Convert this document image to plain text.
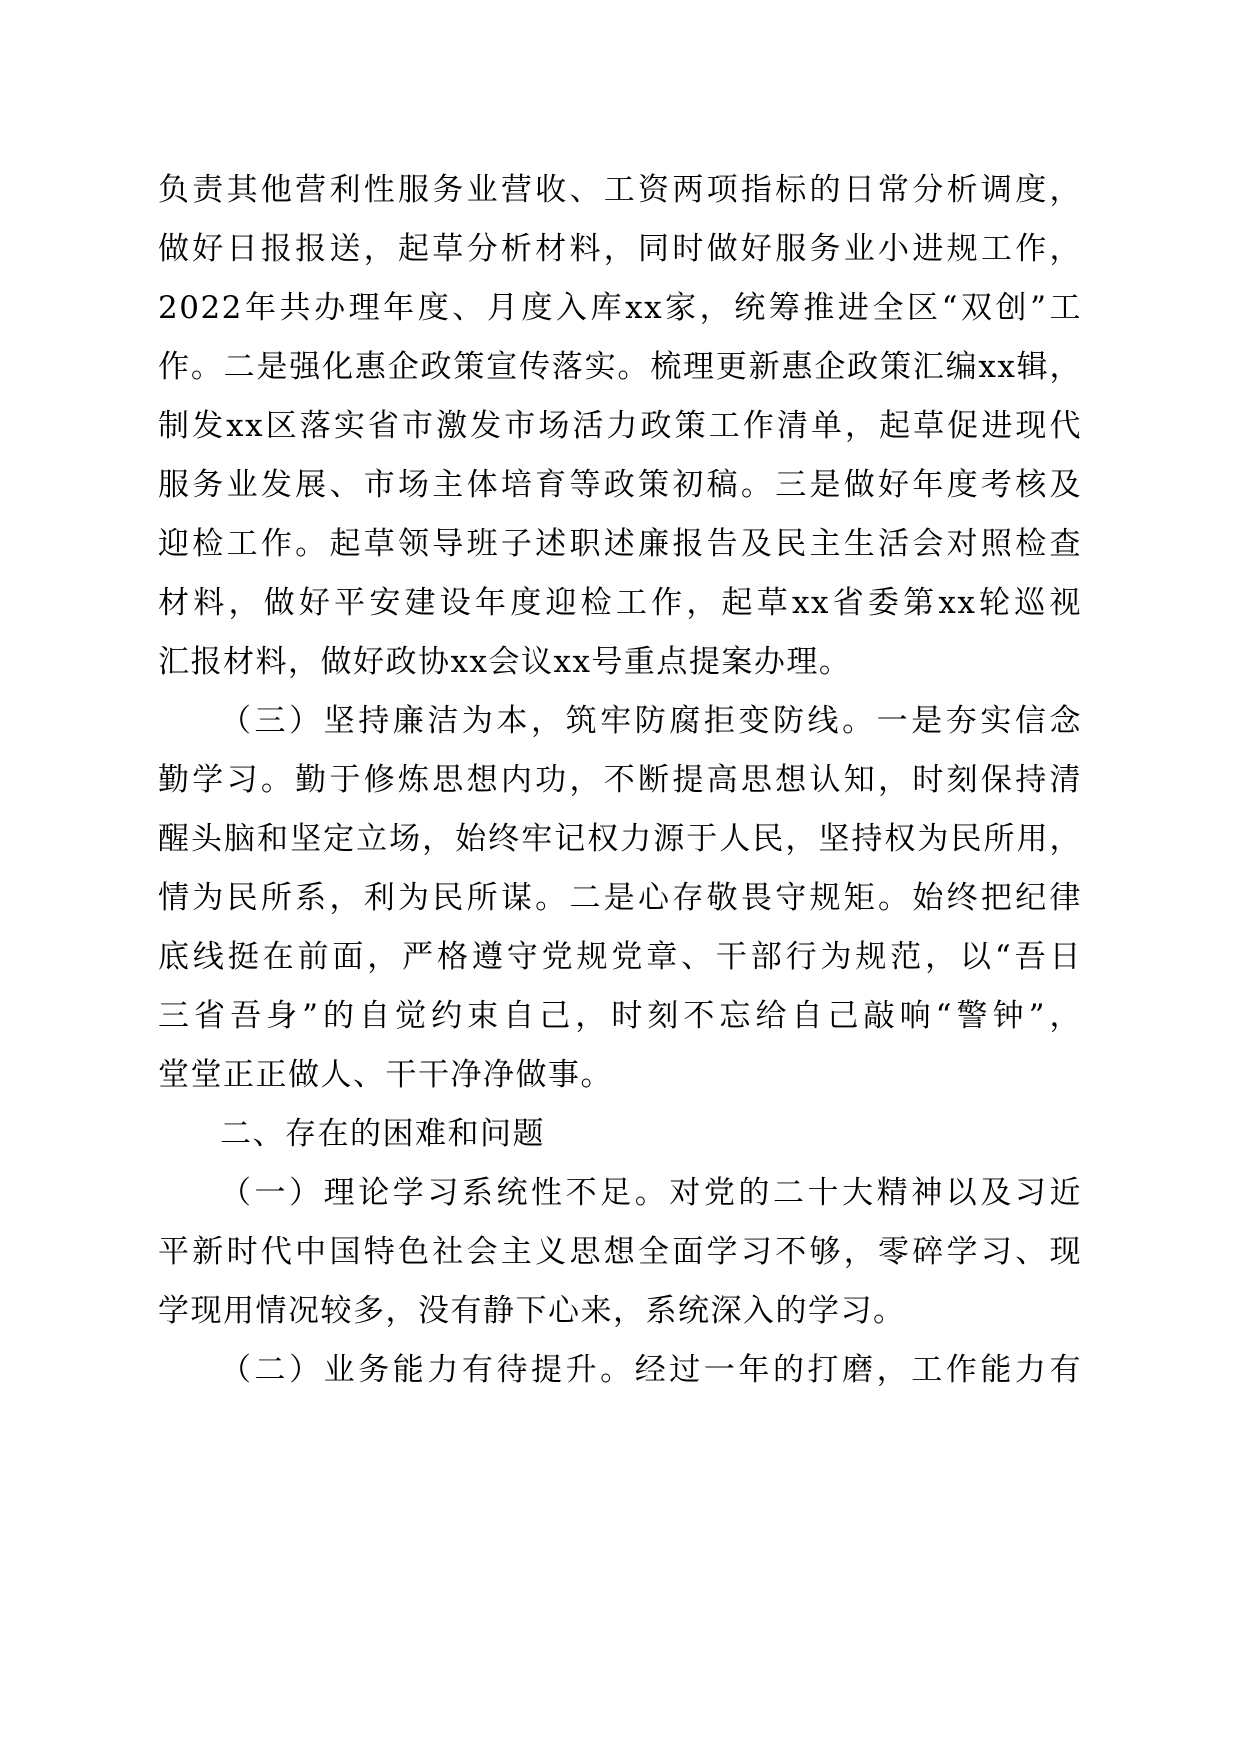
负责其他营利性服务业营收、工资两项指标的日常分析调度，
做好日报报送，起草分析材料，同时做好服务业小进规工作，
2022年共办理年度、月度入库xx家，统筹推进全区“双创”工
作。二是强化惠企政策宣传落实。梳理更新惠企政策汇编xx辑，
制发xx区落实省市激发市场活力政策工作清单，起草促进现代
服务业发展、市场主体培育等政策初稿。三是做好年度考核及
迎检工作。起草领导班子述职述廉报告及民主生活会对照检查
材料，做好平安建设年度迎检工作，起草xx省委第xx轮巡视
汇报材料，做好政协xx会议xx号重点提案办理。
（三）坚持廉洁为本，筑牢防腐拒变防线。一是夯实信念
勤学习。勤于修炼思想内功，不断提高思想认知，时刻保持清
醒头脑和坚定立场，始终牢记权力源于人民，坚持权为民所用，
情为民所系，利为民所谋。二是心存敬畏守规矩。始终把纪律
底线挺在前面，严格遵守党规党章、干部行为规范，以“吾日
三省吾身”的自觉约束自己，时刻不忘给自己敲响“警钟”，
堂堂正正做人、干干净净做事。
二、存在的困难和问题
（一）理论学习系统性不足。对党的二十大精神以及习近
平新时代中国特色社会主义思想全面学习不够，零碎学习、现
学现用情况较多，没有静下心来，系统深入的学习。
（二）业务能力有待提升。经过一年的打磨，工作能力有
